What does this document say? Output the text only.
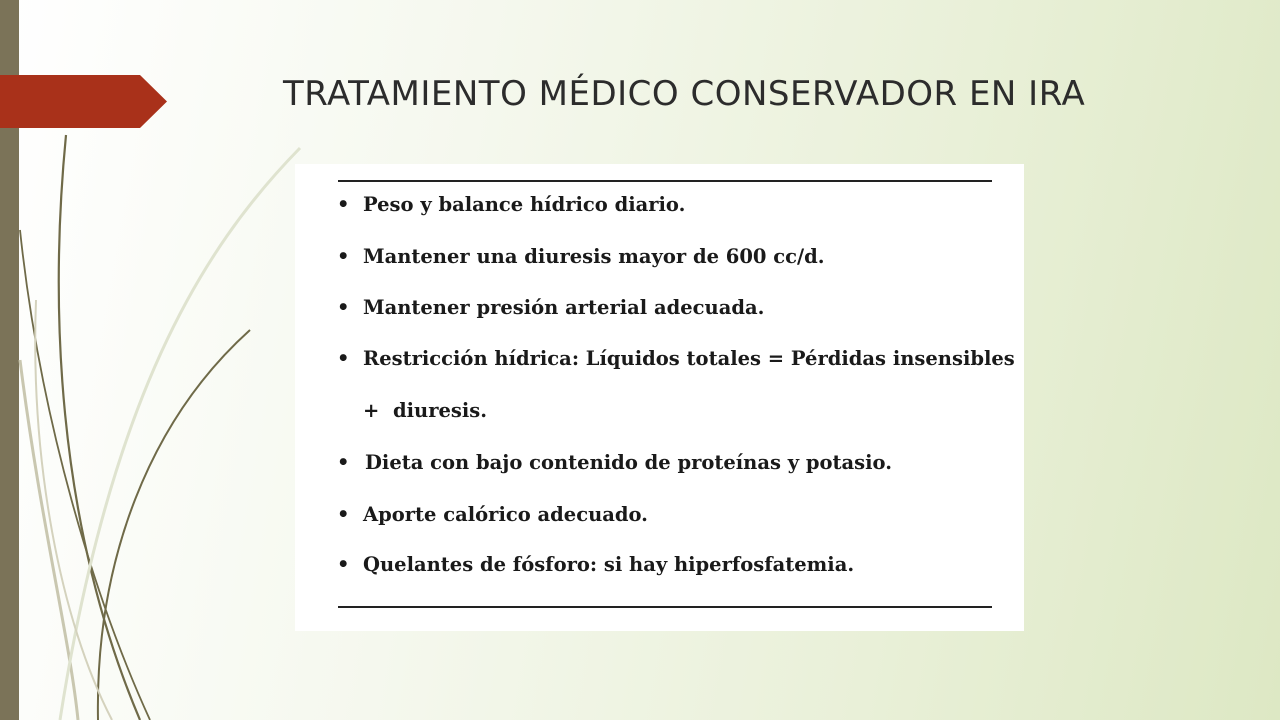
TRATAMIENTO MÉDICO CONSERVADOR EN IRA
• Peso y balance hídrico diario.
• Mantener una diuresis mayor de 600 cc/d.
• Mantener presión arterial adecuada.
• Restricción hídrica: Líquidos totales = Pérdidas insensibles
+ diuresis.
• Dieta con bajo contenido de proteínas y potasio.
• Aporte calórico adecuado.
• Quelantes de fósforo: si hay hiperfosfatemia.
